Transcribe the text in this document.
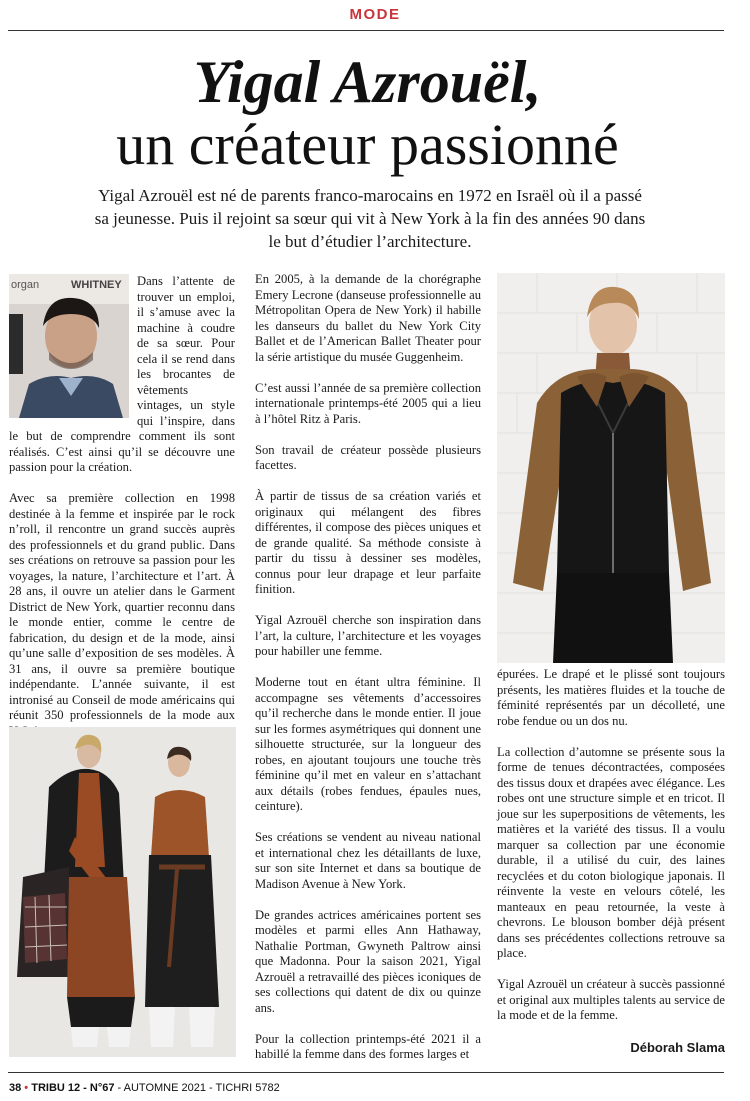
MODE
Yigal Azrouël,
un créateur passionné
Yigal Azrouël est né de parents franco-marocains en 1972 en Israël où il a passé sa jeunesse. Puis il rejoint sa sœur qui vit à New York à la fin des années 90 dans le but d’étudier l’architecture.
organ	WHITNEY	Dans l’attente de trouver un emploi, il s’amuse avec la machine à coudre de sa sœur. Pour cela il se rend dans les brocantes de vêtements vintages, un style qui l’inspire, dans le but de comprendre comment ils sont réalisés. C’est ainsi qu’il se découvre une passion pour la création.

Avec sa première collection en 1998 destinée à la femme et inspirée par le rock n’roll, il rencontre un grand succès auprès des professionnels et du grand public. Dans ses créations on retrouve sa passion pour les voyages, la nature, l’architecture et l’art. À 28 ans, il ouvre un atelier dans le Garment District de New York, quartier reconnu dans le monde entier, comme le centre de fabrication, du design et de la mode, ainsi qu’une salle d’exposition de ses modèles. À 31 ans, il ouvre sa première boutique indépendante. L’année suivante, il est intronisé au Conseil de mode américains qui réunit 350 professionnels de la mode aux

En 2005, à la demande de la chorégraphe Emery Lecrone (danseuse professionnelle au Métropolitan Opera de New York) il habille les danseurs du ballet du New York City Ballet et de l’American Ballet Theater pour la série artistique du musée Guggenheim.

C’est aussi l’année de sa première collection internationale printemps-été 2005 qui a lieu à l’hôtel Ritz à Paris.

Son travail de créateur possède plusieurs facettes.

À partir de tissus de sa création variés et originaux qui mélangent des fibres différentes, il compose des pièces uniques et de grande qualité. Sa méthode consiste à partir du tissu à dessiner ses modèles, connus pour leur drapage et leur parfaite finition.

Yigal Azrouël cherche son inspiration dans l’art, la culture, l’architecture et les voyages pour habiller une femme.

Moderne tout en étant ultra féminine. Il accompagne ses vêtements d’accessoires qu’il recherche dans le monde entier. Il joue sur les formes asymétriques qui donnent une silhouette structurée, sur la longueur des robes, en ajoutant toujours une touche très féminine qu’il met en valeur en s’attachant aux détails (robes fendues, épaules nues, ceinture).

Ses créations se vendent au niveau national et international chez les détaillants de luxe, sur son site Internet et dans sa boutique de Madison Avenue à New York.

De grandes actrices américaines portent ses modèles et parmi elles Ann Hathaway, Nathalie Portman, Gwyneth Paltrow ainsi que Madonna. Pour la saison 2021, Yigal Azrouël a retravaillé des pièces iconiques de ses collections qui datent de dix ou quinze ans.

Pour la collection printemps-été 2021 il a habillé la femme dans des formes larges et

épurées. Le drapé et le plissé sont toujours présents, les matières fluides et la touche de féminité représentés par un décolleté, une robe fendue ou un dos nu.

La collection d’automne se présente sous la forme de tenues décontractées, composées des tissus doux et drapées avec élégance. Les robes ont une structure simple et en tricot. Il joue sur les superpositions de vêtements, les matières et la variété des tissus. Il a voulu marquer sa collection par une économie durable, il a utilisé du cuir, des laines recyclées et du coton biologique japonais. Il réinvente la veste en velours côtelé, les manteaux en peau retournée, la veste à chevrons. Le blouson bomber déjà présent dans ses précédentes collections retrouve sa place.

Yigal Azrouël un créateur à succès passionné et original aux multiples talents au service de la mode et de la femme.

Déborah Slama
38 • TRIBU 12 - N°67 - AUTOMNE 2021 - TICHRI 5782
